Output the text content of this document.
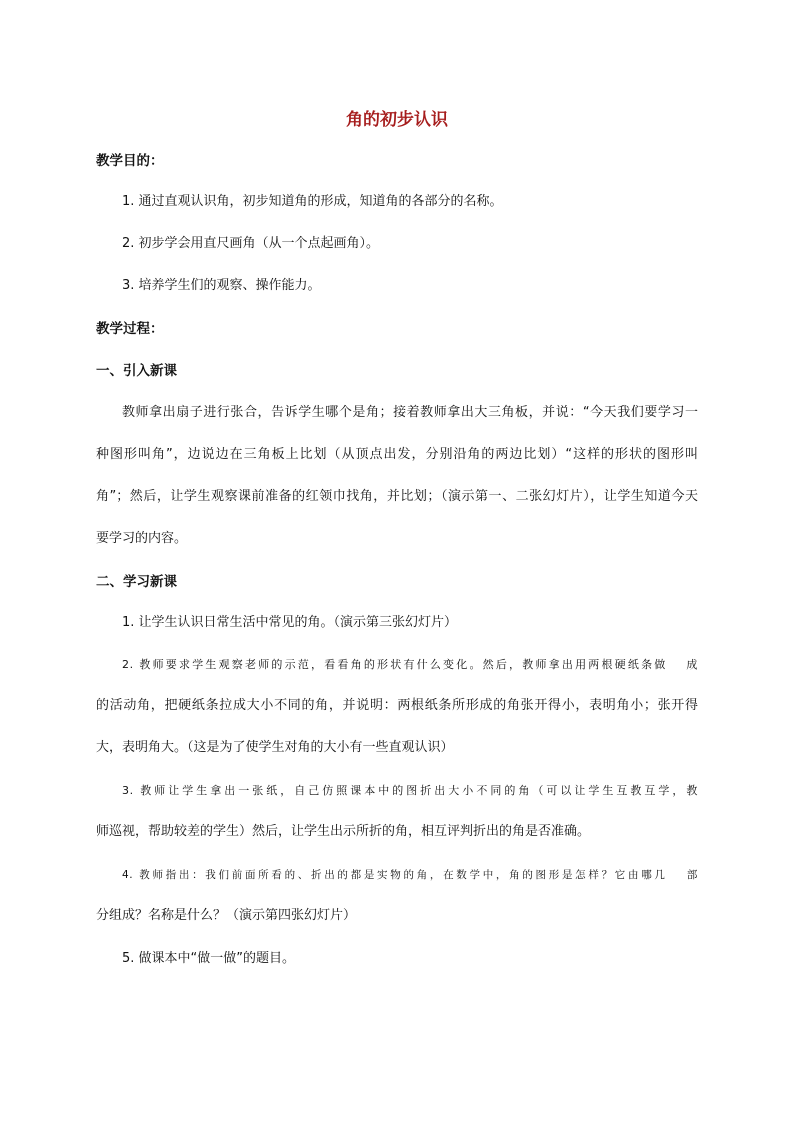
角的初步认识
教学目的：
1. 通过直观认识角，初步知道角的形成，知道角的各部分的名称。
2. 初步学会用直尺画角（从一个点起画角）。
3. 培养学生们的观察、操作能力。
教学过程：
一、引入新课
教师拿出扇子进行张合，告诉学生哪个是角；接着教师拿出大三角板，并说：“今天我们要学习一
种图形叫角”，边说边在三角板上比划（从顶点出发，分别沿角的两边比划）“这样的形状的图形叫
角”；然后，让学生观察课前准备的红领巾找角，并比划；（演示第一、二张幻灯片），让学生知道今天
要学习的内容。
二、学习新课
1. 让学生认识日常生活中常见的角。（演示第三张幻灯片）
2. 教师要求学生观察老师的示范，看看角的形状有什么变化。然后，教师拿出用两根硬纸条做　 成
的活动角，把硬纸条拉成大小不同的角，并说明：两根纸条所形成的角张开得小，表明角小；张开得
大，表明角大。（这是为了使学生对角的大小有一些直观认识）
3. 教师让学生拿出一张纸，自己仿照课本中的图折出大小不同的角（可以让学生互教互学，教
师巡视，帮助较差的学生）然后，让学生出示所折的角，相互评判折出的角是否准确。
4. 教师指出：我们前面所看的、折出的都是实物的角，在数学中，角的图形是怎样？它由哪几　 部
分组成？名称是什么？（演示第四张幻灯片）
5. 做课本中“做一做”的题目。
